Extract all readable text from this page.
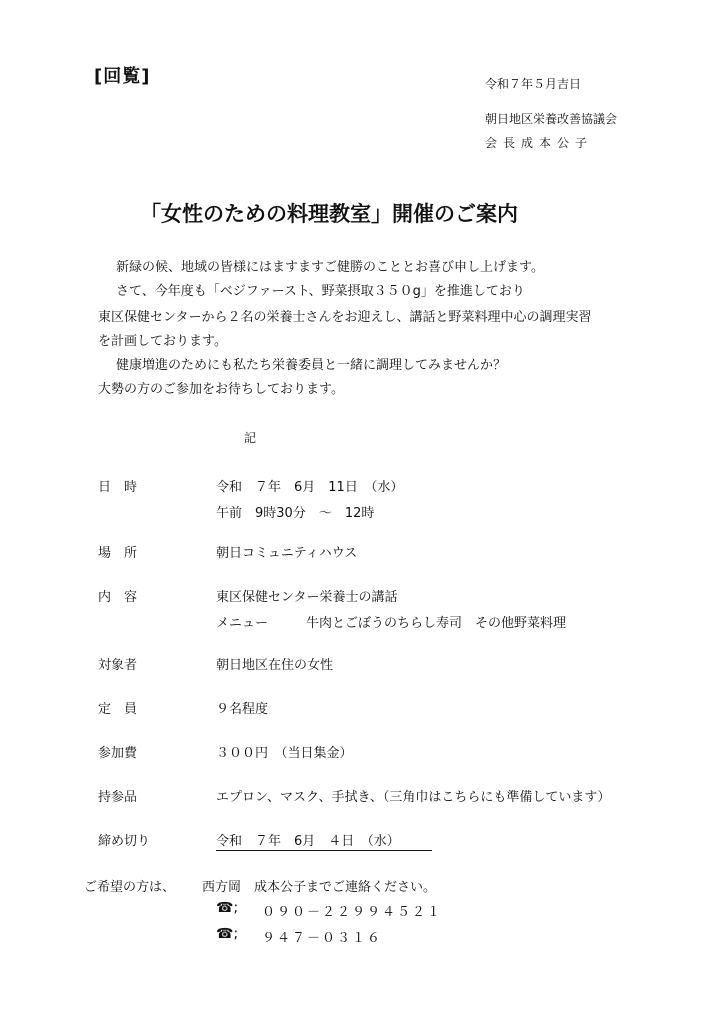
[回覧]	令和７年５月吉日
朝日地区栄養改善協議会
会長成本公子
「女性のための料理教室」開催のご案内
新緑の候、地域の皆様にはますますご健勝のこととお喜び申し上げます。
さて、今年度も「ベジファースト、野菜摂取３５０g」を推進しており
東区保健センターから２名の栄養士さんをお迎えし、講話と野菜料理中心の調理実習
を計画しております。
健康増進のためにも私たち栄養委員と一緒に調理してみませんか？
大勢の方のご参加をお待ちしております。
記
日　時	令和　７年　6月　11日　（水）
午前　9時30分　～　12時
場　所	朝日コミュニティハウス
内　容	東区保健センター栄養士の講話
メニュー	牛肉とごぼうのちらし寿司　その他野菜料理
対象者	朝日地区在住の女性
定　員	９名程度
参加費	３００円　（当日集金）
持参品	エプロン、マスク、手拭き、（三角巾はこちらにも準備しています）
締め切り	令和　７年　6月　４日　（水）
ご希望の方は、 西方岡　成本公子までご連絡ください。
☎; ０９０－２２９９４５２１
☎; ９４７－０３１６
